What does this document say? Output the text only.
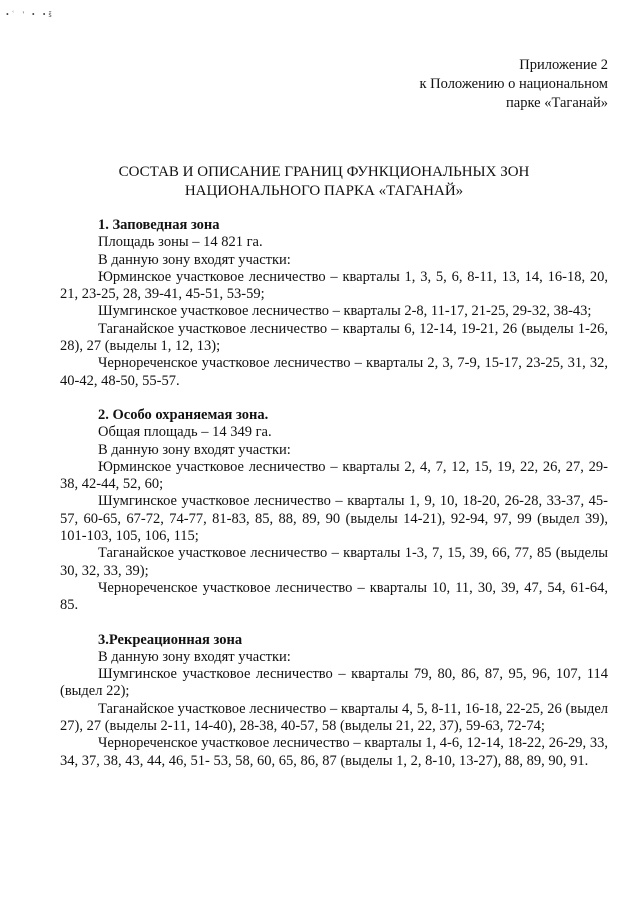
•ʿ ' • •š
Приложение 2
к Положению о национальном
парке «Таганай»
СОСТАВ И ОПИСАНИЕ ГРАНИЦ ФУНКЦИОНАЛЬНЫХ ЗОН
НАЦИОНАЛЬНОГО ПАРКА «ТАГАНАЙ»
1. Заповедная зона
Площадь зоны – 14 821 га.
В данную зону входят участки:

Юрминское участковое лесничество – кварталы 1, 3, 5, 6, 8-11, 13, 14, 16-18, 20, 21, 23-25, 28, 39-41, 45-51, 53-59;

Шумгинское участковое лесничество – кварталы 2-8, 11-17, 21-25, 29-32, 38-43;

Таганайское участковое лесничество – кварталы 6, 12-14, 19-21, 26 (выделы 1-26, 28), 27 (выделы 1, 12, 13);

Чернореченское участковое лесничество – кварталы 2, 3, 7-9, 15-17, 23-25, 31, 32, 40-42, 48-50, 55-57.

2. Особо охраняемая зона.
Общая площадь – 14 349 га.
В данную зону входят участки:

Юрминское участковое лесничество – кварталы 2, 4, 7, 12, 15, 19, 22, 26, 27, 29-38, 42-44, 52, 60;

Шумгинское участковое лесничество – кварталы 1, 9, 10, 18-20, 26-28, 33-37, 45-57, 60-65, 67-72, 74-77, 81-83, 85, 88, 89, 90 (выделы 14-21), 92-94, 97, 99 (выдел 39), 101-103, 105, 106, 115;

Таганайское участковое лесничество – кварталы 1-3, 7, 15, 39, 66, 77, 85 (выделы 30, 32, 33, 39);

Чернореченское участковое лесничество – кварталы 10, 11, 30, 39, 47, 54, 61-64, 85.

3.Рекреационная зона
В данную зону входят участки:

Шумгинское участковое лесничество – кварталы 79, 80, 86, 87, 95, 96, 107, 114 (выдел 22);

Таганайское участковое лесничество – кварталы 4, 5, 8-11, 16-18, 22-25, 26 (выдел 27), 27 (выделы 2-11, 14-40), 28-38, 40-57, 58 (выделы 21, 22, 37), 59-63, 72-74;

Чернореченское участковое лесничество – кварталы 1, 4-6, 12-14, 18-22, 26-29, 33, 34, 37, 38, 43, 44, 46, 51- 53, 58, 60, 65, 86, 87 (выделы 1, 2, 8-10, 13-27), 88, 89, 90, 91.
